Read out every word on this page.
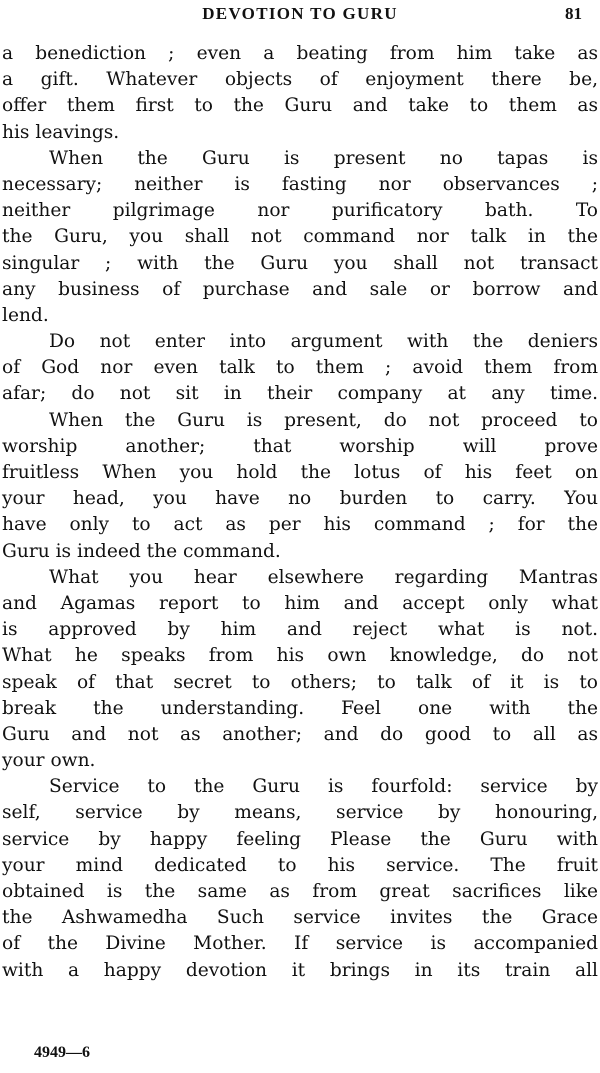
DEVOTION TO GURU	81
a benediction ; even a beating from him take as
a gift. Whatever objects of enjoyment there be,
offer them first to the Guru and take to them as
his leavings.
When the Guru is present no tapas is
necessary; neither is fasting nor observances ;
neither pilgrimage nor purificatory bath. To
the Guru, you shall not command nor talk in the
singular ; with the Guru you shall not transact
any business of purchase and sale or borrow and
lend.
Do not enter into argument with the deniers
of God nor even talk to them ; avoid them from
afar; do not sit in their company at any time.
When the Guru is present, do not proceed to
worship another; that worship will prove
fruitless When you hold the lotus of his feet on
your head, you have no burden to carry. You
have only to act as per his command ; for the
Guru is indeed the command.
What you hear elsewhere regarding Mantras
and Agamas report to him and accept only what
is approved by him and reject what is not.
What he speaks from his own knowledge, do not
speak of that secret to others; to talk of it is to
break the understanding. Feel one with the
Guru and not as another; and do good to all as
your own.
Service to the Guru is fourfold: service by
self, service by means, service by honouring,
service by happy feeling Please the Guru with
your mind dedicated to his service. The fruit
obtained is the same as from great sacrifices like
the Ashwamedha Such service invites the Grace
of the Divine Mother. If service is accompanied
with a happy devotion it brings in its train all
4949—6
